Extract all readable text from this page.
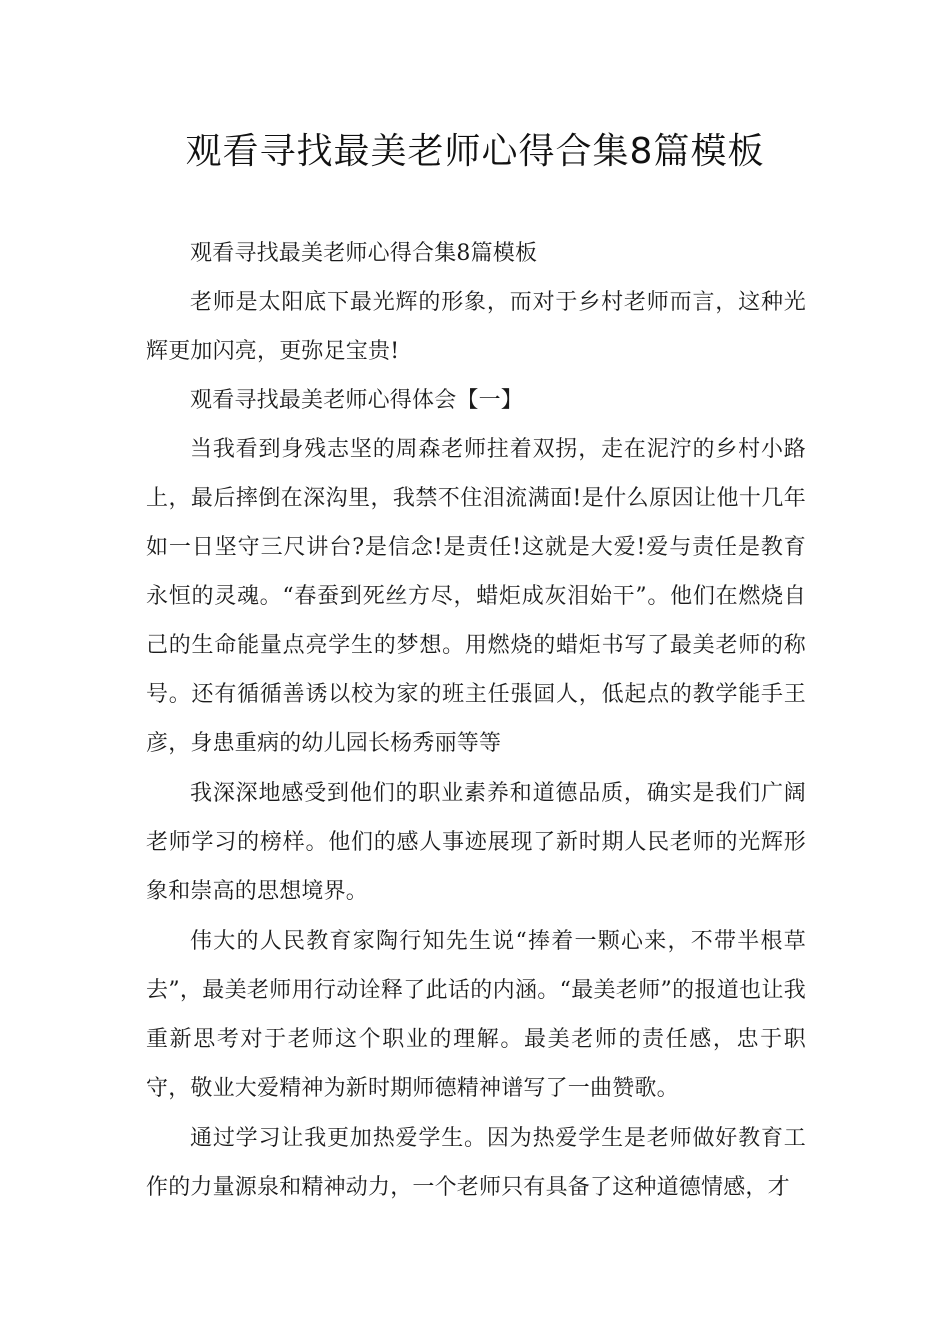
观看寻找最美老师心得合集8篇模板

观看寻找最美老师心得合集8篇模板

老师是太阳底下最光辉的形象，而对于乡村老师而言，这种光辉更加闪亮，更弥足宝贵!

观看寻找最美老师心得体会【一】

当我看到身残志坚的周森老师拄着双拐，走在泥泞的乡村小路上，最后摔倒在深沟里，我禁不住泪流满面!是什么原因让他十几年如一日坚守三尺讲台?是信念!是责任!这就是大爱!爱与责任是教育永恒的灵魂。“春蚕到死丝方尽，蜡炬成灰泪始干”。他们在燃烧自己的生命能量点亮学生的梦想。用燃烧的蜡炬书写了最美老师的称号。还有循循善诱以校为家的班主任張囸人，低起点的教学能手王彦，身患重病的幼儿园长杨秀丽等等

我深深地感受到他们的职业素养和道德品质，确实是我们广阔老师学习的榜样。他们的感人事迹展现了新时期人民老师的光辉形象和崇高的思想境界。

伟大的人民教育家陶行知先生说“捧着一颗心来，不带半根草去”，最美老师用行动诠释了此话的内涵。“最美老师”的报道也让我重新思考对于老师这个职业的理解。最美老师的责任感，忠于职守，敬业大爱精神为新时期师德精神谱写了一曲赞歌。

通过学习让我更加热爱学生。因为热爱学生是老师做好教育工作的力量源泉和精神动力，一个老师只有具备了这种道德情感，才
